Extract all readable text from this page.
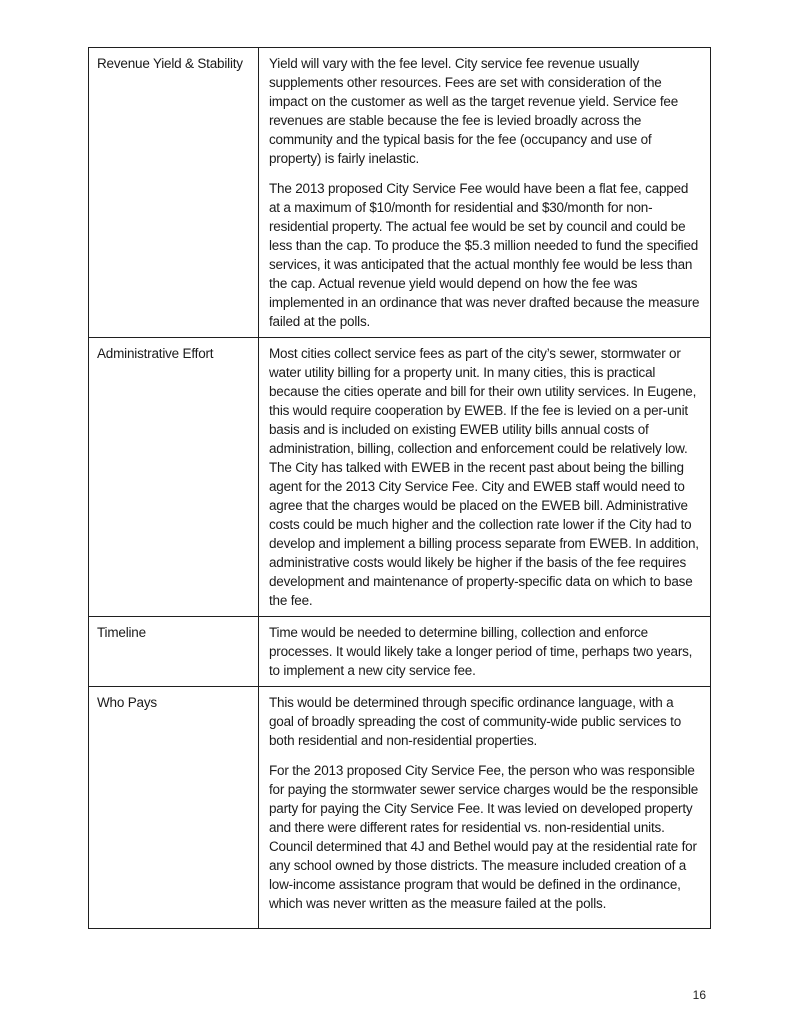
Revenue Yield & Stability	Yield will vary with the fee level. City service fee revenue usually supplements other resources. Fees are set with consideration of the impact on the customer as well as the target revenue yield. Service fee revenues are stable because the fee is levied broadly across the community and the typical basis for the fee (occupancy and use of property) is fairly inelastic.

The 2013 proposed City Service Fee would have been a flat fee, capped at a maximum of $10/month for residential and $30/month for non-residential property. The actual fee would be set by council and could be less than the cap. To produce the $5.3 million needed to fund the specified services, it was anticipated that the actual monthly fee would be less than the cap. Actual revenue yield would depend on how the fee was implemented in an ordinance that was never drafted because the measure failed at the polls.

Administrative Effort	Most cities collect service fees as part of the city’s sewer, stormwater or water utility billing for a property unit. In many cities, this is practical because the cities operate and bill for their own utility services. In Eugene, this would require cooperation by EWEB. If the fee is levied on a per-unit basis and is included on existing EWEB utility bills annual costs of administration, billing, collection and enforcement could be relatively low. The City has talked with EWEB in the recent past about being the billing agent for the 2013 City Service Fee. City and EWEB staff would need to agree that the charges would be placed on the EWEB bill. Administrative costs could be much higher and the collection rate lower if the City had to develop and implement a billing process separate from EWEB. In addition, administrative costs would likely be higher if the basis of the fee requires development and maintenance of property-specific data on which to base the fee.

Timeline	Time would be needed to determine billing, collection and enforce processes. It would likely take a longer period of time, perhaps two years, to implement a new city service fee.

Who Pays	This would be determined through specific ordinance language, with a goal of broadly spreading the cost of community-wide public services to both residential and non-residential properties.

For the 2013 proposed City Service Fee, the person who was responsible for paying the stormwater sewer service charges would be the responsible party for paying the City Service Fee. It was levied on developed property and there were different rates for residential vs. non-residential units. Council determined that 4J and Bethel would pay at the residential rate for any school owned by those districts. The measure included creation of a low-income assistance program that would be defined in the ordinance, which was never written as the measure failed at the polls.

16
